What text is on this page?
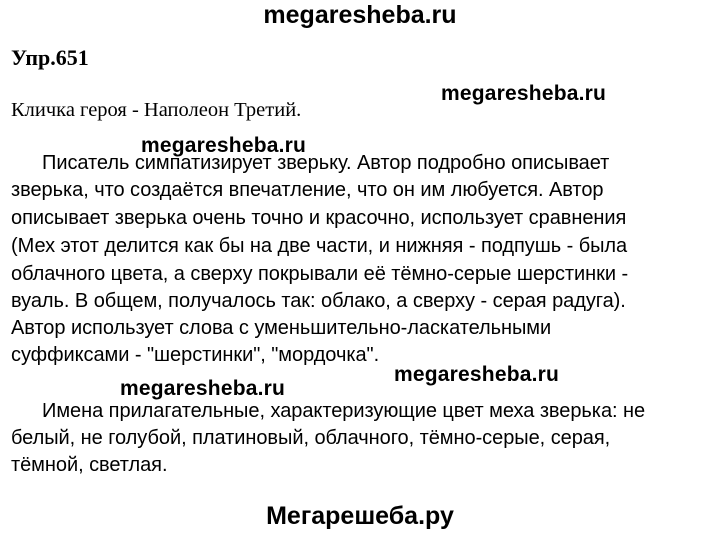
megaresheba.ru
Упр.651
megaresheba.ru
Кличка героя - Наполеон Третий.
megaresheba.ru
Писатель симпатизирует зверьку. Автор подробно описывает
зверька, что создаётся впечатление, что он им любуется. Автор
описывает зверька очень точно и красочно, использует сравнения
(Мех этот делится как бы на две части, и нижняя - подпушь - была
облачного цвета, а сверху покрывали её тёмно-серые шерстинки -
вуаль. В общем, получалось так: облако, а сверху - серая радуга).
Автор использует слова с уменьшительно-ласкательными
суффиксами - "шерстинки", "мордочка".
megaresheba.ru
megaresheba.ru
Имена прилагательные, характеризующие цвет меха зверька: не
белый, не голубой, платиновый, облачного, тёмно-серые, серая,
тёмной, светлая.
Мегарешеба.ру
